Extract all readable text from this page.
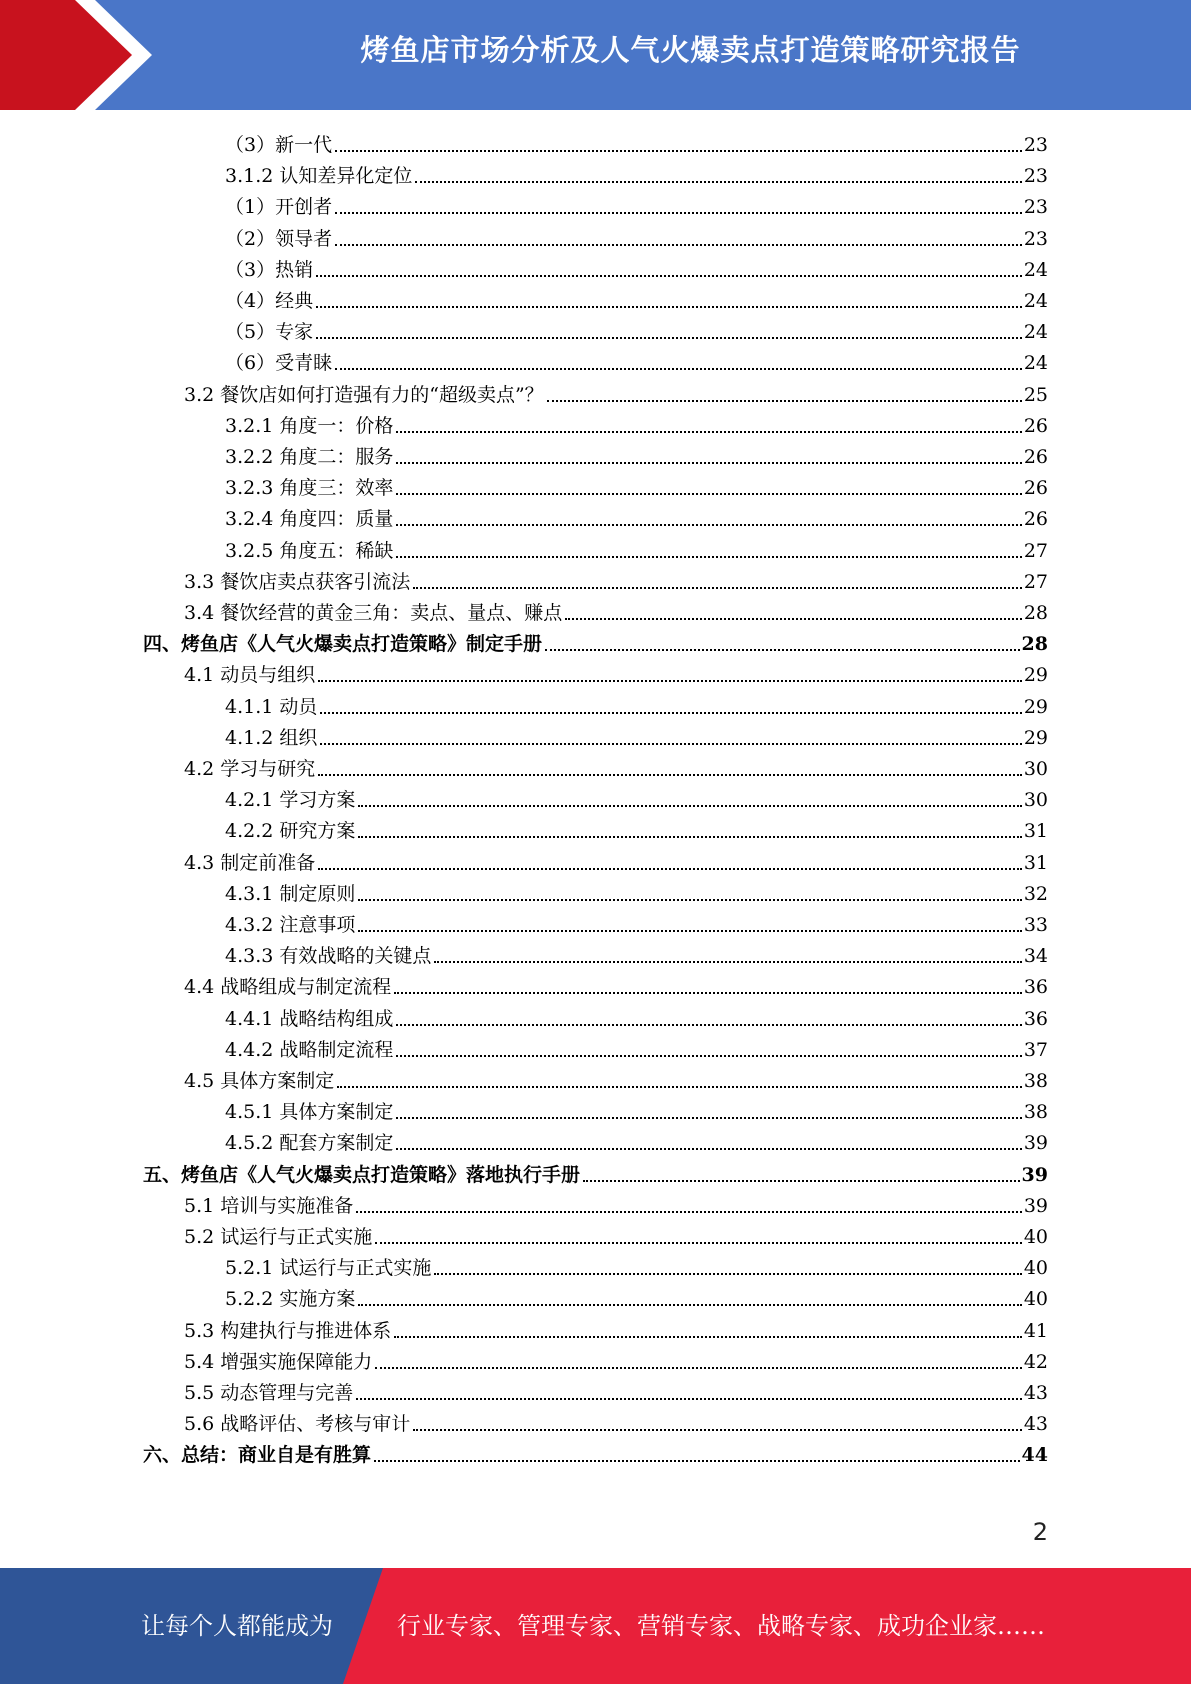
烤鱼店市场分析及人气火爆卖点打造策略研究报告
（3）新一代	23
3.1.2 认知差异化定位	23
（1）开创者	23
（2）领导者	23
（3）热销	24
（4）经典	24
（5）专家	24
（6）受青睐	24
3.2 餐饮店如何打造强有力的“超级卖点”？	25
3.2.1 角度一：价格	26
3.2.2 角度二：服务	26
3.2.3 角度三：效率	26
3.2.4 角度四：质量	26
3.2.5 角度五：稀缺	27
3.3 餐饮店卖点获客引流法	27
3.4 餐饮经营的黄金三角：卖点、量点、赚点	28
四、烤鱼店《人气火爆卖点打造策略》制定手册	28
4.1 动员与组织	29
4.1.1 动员	29
4.1.2 组织	29
4.2 学习与研究	30
4.2.1 学习方案	30
4.2.2 研究方案	31
4.3 制定前准备	31
4.3.1 制定原则	32
4.3.2 注意事项	33
4.3.3 有效战略的关键点	34
4.4 战略组成与制定流程	36
4.4.1 战略结构组成	36
4.4.2 战略制定流程	37
4.5 具体方案制定	38
4.5.1 具体方案制定	38
4.5.2 配套方案制定	39
五、烤鱼店《人气火爆卖点打造策略》落地执行手册	39
5.1 培训与实施准备	39
5.2 试运行与正式实施	40
5.2.1 试运行与正式实施	40
5.2.2 实施方案	40
5.3 构建执行与推进体系	41
5.4 增强实施保障能力	42
5.5 动态管理与完善	43
5.6 战略评估、考核与审计	43
六、总结：商业自是有胜算	44
2
让每个人都能成为	行业专家、管理专家、营销专家、战略专家、成功企业家……
